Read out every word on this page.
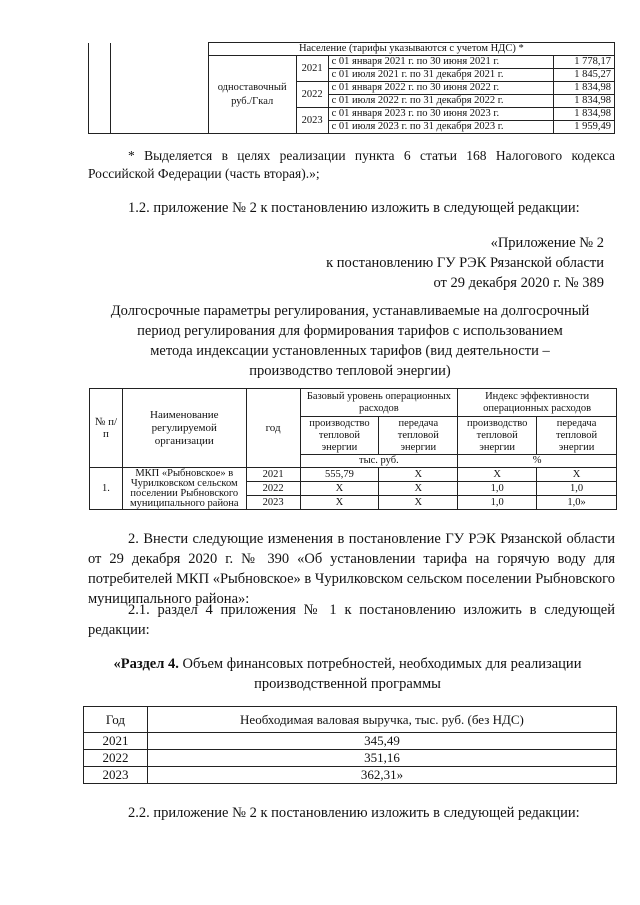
		Население (тарифы указываются с учетом НДС) *			
		одноставочный руб./Гкал	2021	с 01 января 2021 г. по 30 июня 2021 г.	1 778,17
				с 01 июля 2021 г. по 31 декабря 2021 г.	1 845,27
			2022	с 01 января 2022 г. по 30 июня 2022 г.	1 834,98
				с 01 июля 2022 г. по 31 декабря 2022 г.	1 834,98
			2023	с 01 января 2023 г. по 30 июня 2023 г.	1 834,98
				с 01 июля 2023 г. по 31 декабря 2023 г.	1 959,49
* Выделяется в целях реализации пункта 6 статьи 168 Налогового кодекса Российской Федерации (часть вторая).»;
1.2. приложение № 2 к постановлению изложить в следующей редакции:
«Приложение № 2
к постановлению ГУ РЭК Рязанской области
от 29 декабря 2020 г. № 389
Долгосрочные параметры регулирования, устанавливаемые на долгосрочный
период регулирования для формирования тарифов с использованием
метода индексации установленных тарифов (вид деятельности –
производство тепловой энергии)
№ п/п	Наименование регулируемой организации	год	Базовый уровень операционных расходов		Индекс эффективности операционных расходов	
			производство тепловой энергии	передача тепловой энергии	производство тепловой энергии	передача тепловой энергии
			тыс. руб.		%	
1.	МКП «Рыбновское» в Чурилковском сельском поселении Рыбновского муниципального района	2021	555,79	Х	Х	Х
		2022	Х	Х	1,0	1,0
		2023	Х	Х	1,0	1,0»
2. Внести следующие изменения в постановление ГУ РЭК Рязанской области от 29 декабря 2020 г. № 390 «Об установлении тарифа на горячую воду для потребителей МКП «Рыбновское» в Чурилковском сельском поселении Рыбновского муниципального района»:
2.1. раздел 4 приложения № 1 к постановлению изложить в следующей редакции:
«Раздел 4. Объем финансовых потребностей, необходимых для реализации
производственной программы
Год	Необходимая валовая выручка, тыс. руб. (без НДС)
2021	345,49
2022	351,16
2023	362,31»
2.2. приложение № 2 к постановлению изложить в следующей редакции:
